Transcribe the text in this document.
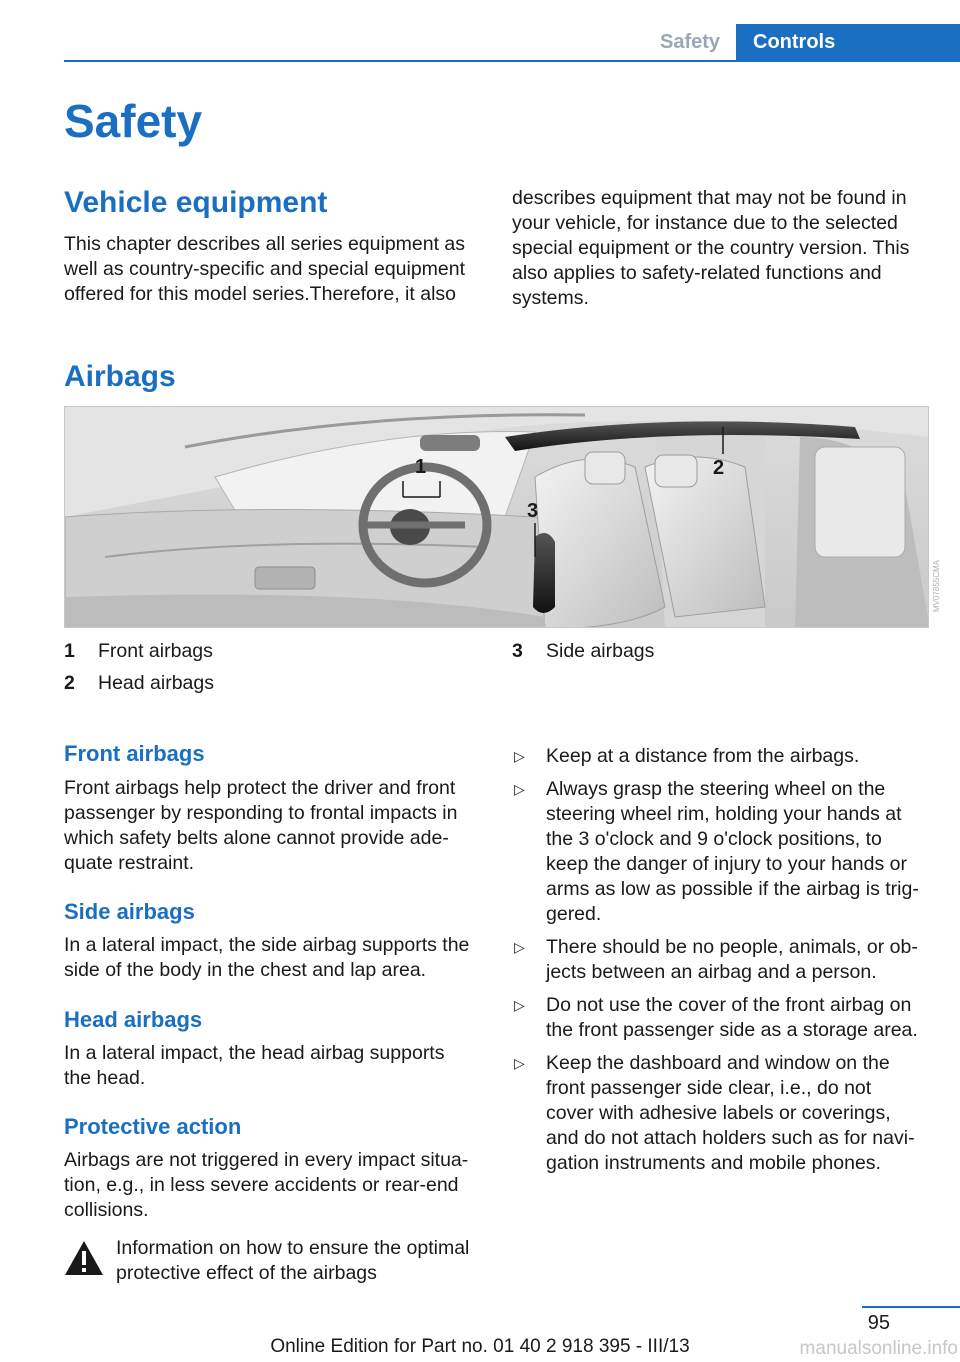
Safety	Controls
Safety
Vehicle equipment
This chapter describes all series equipment as
well as country-specific and special equipment
offered for this model series.Therefore, it also
describes equipment that may not be found in
your vehicle, for instance due to the selected
special equipment or the country version. This
also applies to safety-related functions and
systems.
Airbags
1	2
3
MV07855CMA
1 Front airbags
2 Head airbags
3 Side airbags
Front airbags
Front airbags help protect the driver and front
passenger by responding to frontal impacts in
which safety belts alone cannot provide ade‐
quate restraint.
Side airbags
In a lateral impact, the side airbag supports the
side of the body in the chest and lap area.
Head airbags
In a lateral impact, the head airbag supports
the head.
Protective action
Airbags are not triggered in every impact situa‐
tion, e.g., in less severe accidents or rear-end
collisions.
Information on how to ensure the optimal
protective effect of the airbags
▷ Keep at a distance from the airbags.
▷ Always grasp the steering wheel on the
steering wheel rim, holding your hands at
the 3 o'clock and 9 o'clock positions, to
keep the danger of injury to your hands or
arms as low as possible if the airbag is trig‐
gered.
▷ There should be no people, animals, or ob‐
jects between an airbag and a person.
▷ Do not use the cover of the front airbag on
the front passenger side as a storage area.
▷ Keep the dashboard and window on the
front passenger side clear, i.e., do not
cover with adhesive labels or coverings,
and do not attach holders such as for navi‐
gation instruments and mobile phones.
95
Online Edition for Part no. 01 40 2 918 395 - III/13	manualsonline.info
